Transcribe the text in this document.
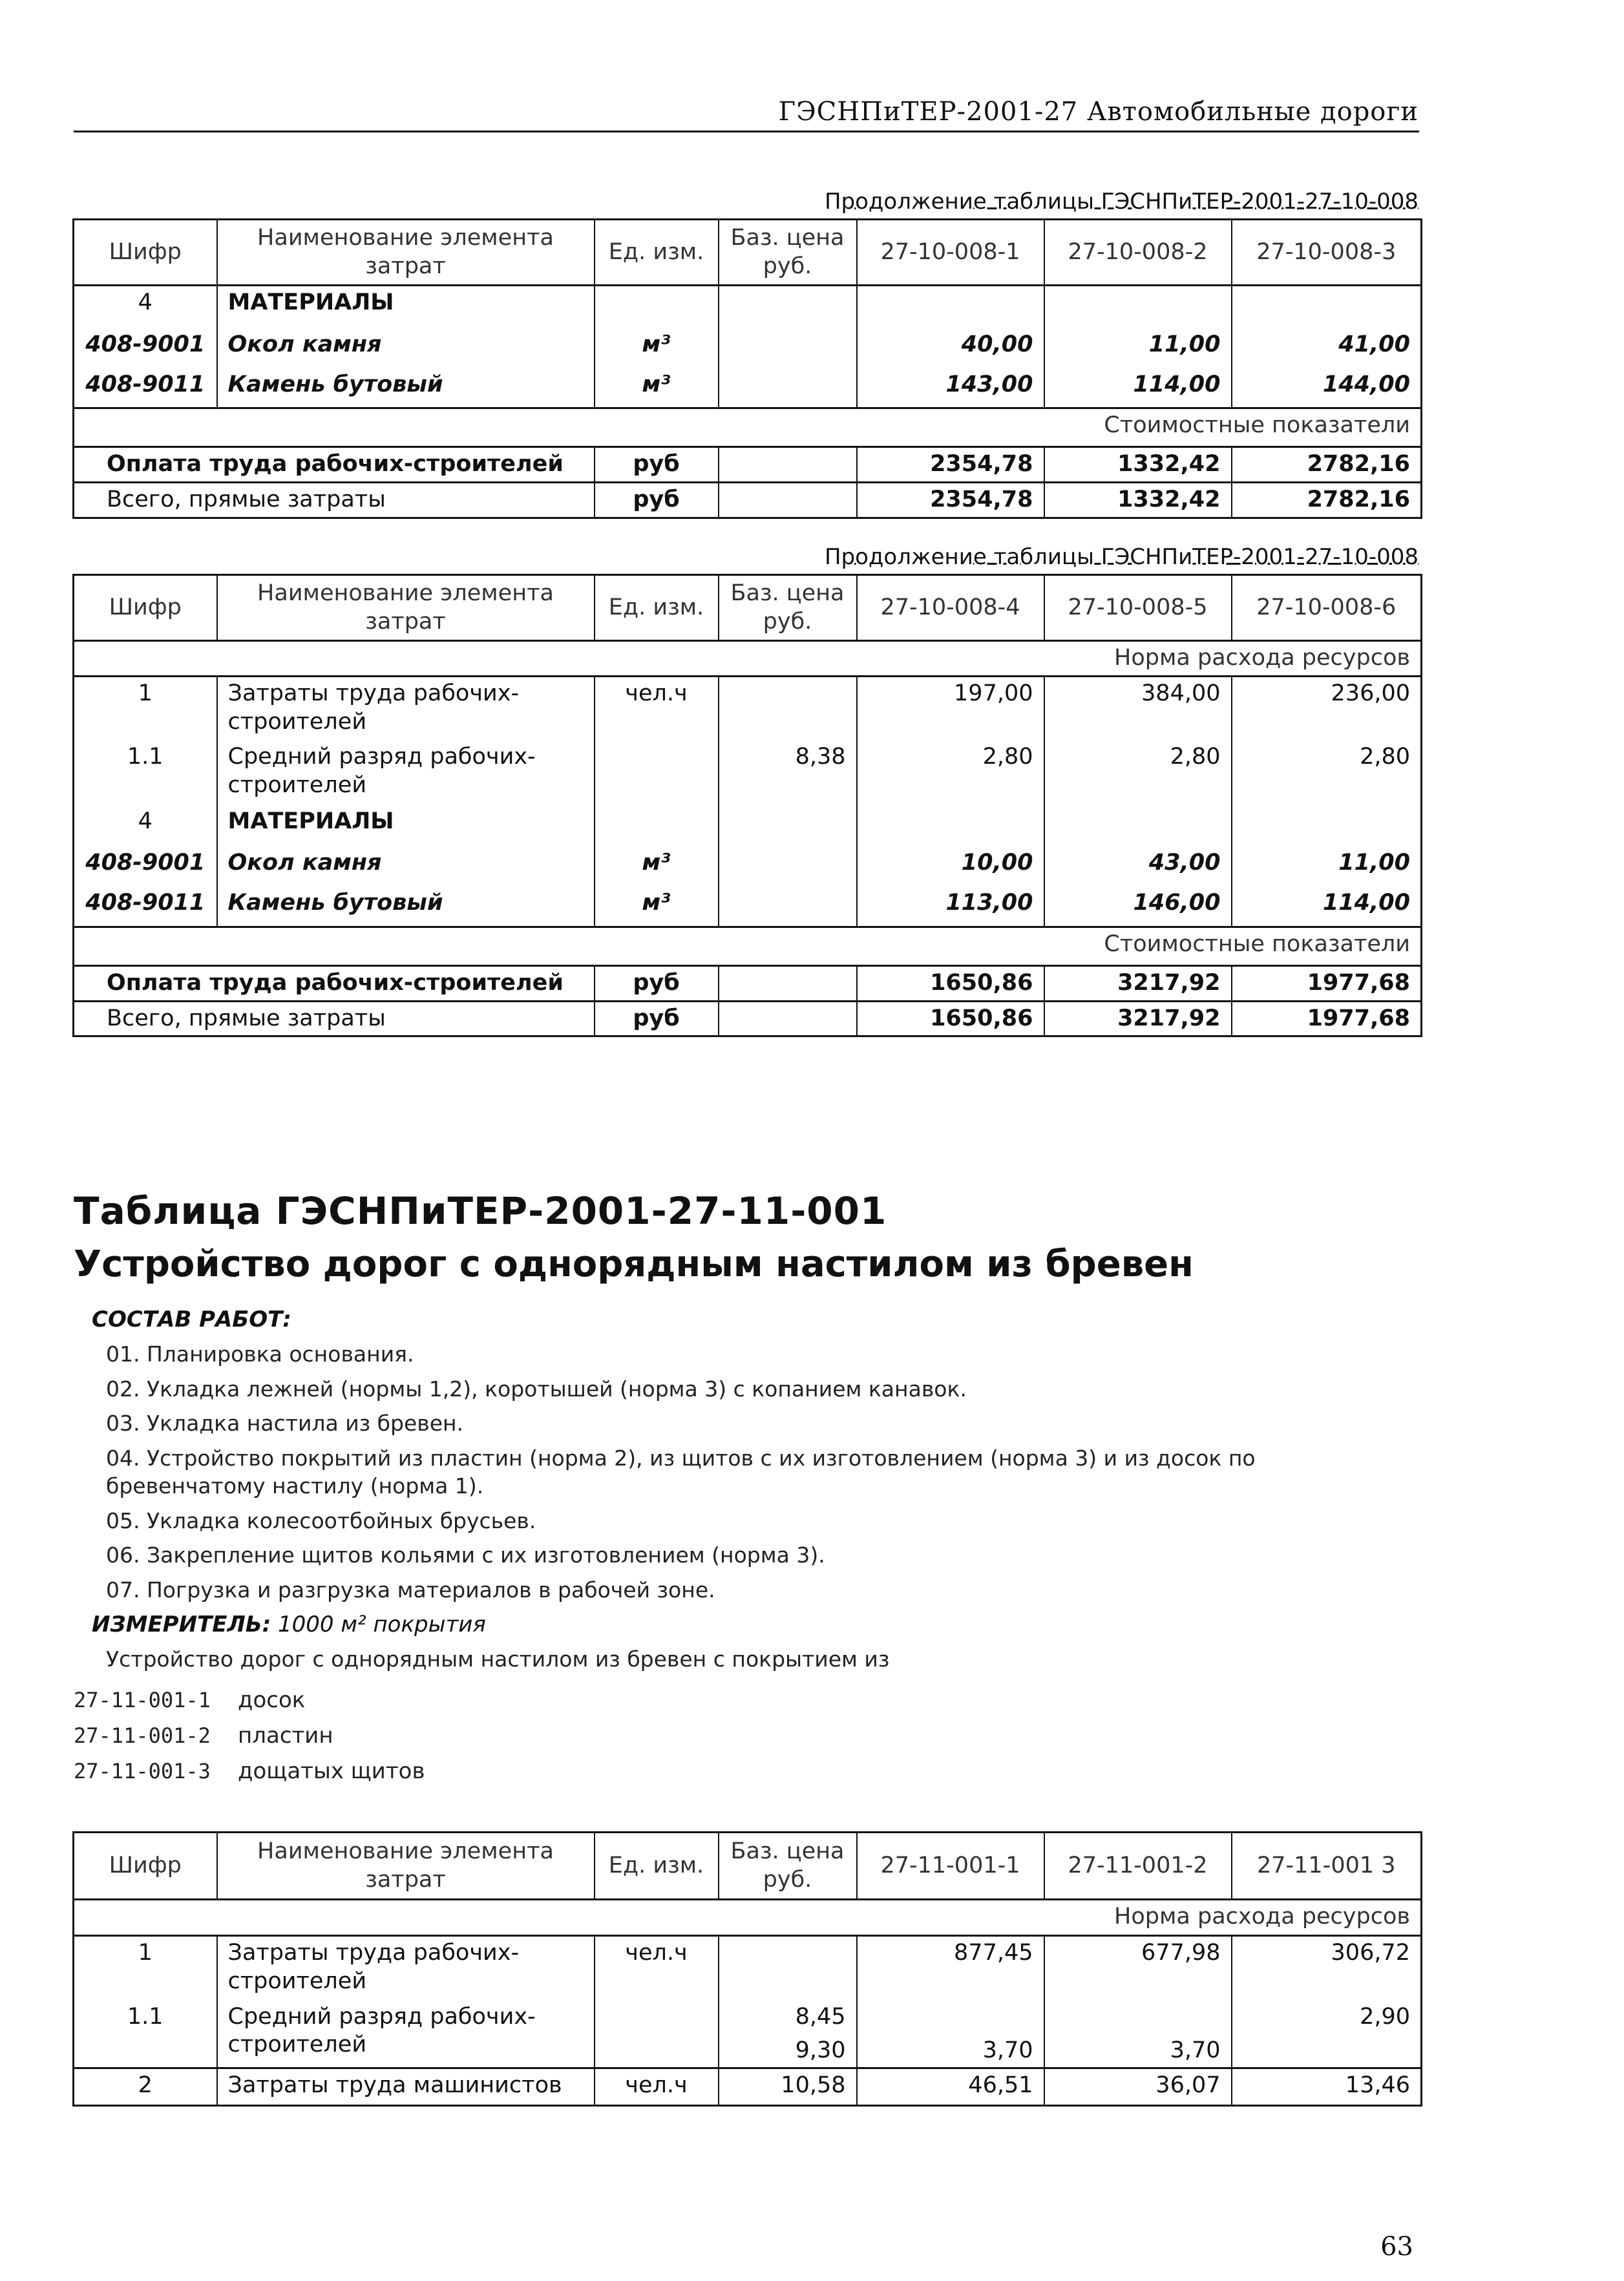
ГЭСНПиТЕР-2001-27 Автомобильные дороги
Продолжение таблицы ГЭСНПиТЕР-2001-27-10-008
Шифр	Наименование элемента затрат	Ед. изм.	Баз. цена руб.	27-10-008-1	27-10-008-2	27-10-008-3
4	МАТЕРИАЛЫ					
408-9001	Окол камня	м³		40,00	11,00	41,00
408-9011	Камень бутовый	м³		143,00	114,00	144,00
Стоимостные показатели						
Оплата труда рабочих-строителей		руб		2354,78	1332,42	2782,16
Всего, прямые затраты		руб		2354,78	1332,42	2782,16
Продолжение таблицы ГЭСНПиТЕР-2001-27-10-008
Шифр	Наименование элемента затрат	Ед. изм.	Баз. цена руб.	27-10-008-4	27-10-008-5	27-10-008-6
Норма расхода ресурсов						
1	Затраты труда рабочих-строителей	чел.ч		197,00	384,00	236,00
1.1	Средний разряд рабочих-строителей		8,38	2,80	2,80	2,80
4	МАТЕРИАЛЫ					
408-9001	Окол камня	м³		10,00	43,00	11,00
408-9011	Камень бутовый	м³		113,00	146,00	114,00
Стоимостные показатели						
Оплата труда рабочих-строителей		руб		1650,86	3217,92	1977,68
Всего, прямые затраты		руб		1650,86	3217,92	1977,68
Таблица ГЭСНПиТЕР-2001-27-11-001
Устройство дорог с однорядным настилом из бревен
СОСТАВ РАБОТ:
01. Планировка основания.
02. Укладка лежней (нормы 1,2), коротышей (норма 3) с копанием канавок.
03. Укладка настила из бревен.
04. Устройство покрытий из пластин (норма 2), из щитов с их изготовлением (норма 3) и из досок по бревенчатому настилу (норма 1).
05. Укладка колесоотбойных брусьев.
06. Закрепление щитов кольями с их изготовлением (норма 3).
07. Погрузка и разгрузка материалов в рабочей зоне.
ИЗМЕРИТЕЛЬ: 1000 м² покрытия
Устройство дорог с однорядным настилом из бревен с покрытием из
27-11-001-1 досок
27-11-001-2 пластин
27-11-001-3 дощатых щитов
Шифр	Наименование элемента затрат	Ед. изм.	Баз. цена руб.	27-11-001-1	27-11-001-2	27-11-001 3
Норма расхода ресурсов						
1	Затраты труда рабочих-строителей	чел.ч		877,45	677,98	306,72
1.1	Средний разряд рабочих-строителей		8,45			2,90
			9,30	3,70	3,70	
2	Затраты труда машинистов	чел.ч	10,58	46,51	36,07	13,46
63
